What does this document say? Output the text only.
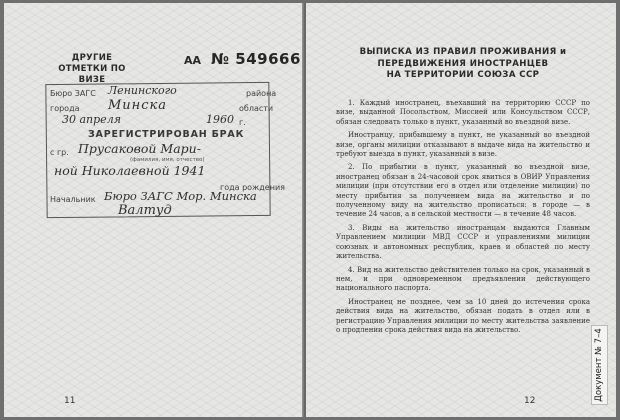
ДРУГИЕ ОТМЕТКИ ПО ВИЗЕ
АА № 549666
Бюро ЗАГС Ленинского	района
города Минска	области
30 апреля	1960 г.
ЗАРЕГИСТРИРОВАН БРАК
с гр. Прусаковой Мари-
(фамилия, имя, отчество)
ной Николаевной 1941
года рождения
Начальник Бюро ЗАГС Мор. Минска
Валтуд
11
ВЫПИСКА ИЗ ПРАВИЛ ПРОЖИВАНИЯ и
ПЕРЕДВИЖЕНИЯ ИНОСТРАНЦЕВ
НА ТЕРРИТОРИИ СОЮЗА ССР

1. Каждый иностранец, въехавший на территорию СССР по визе, выданной Посольством, Миссией или Консульством СССР, обязан следовать только в пункт, указанный во въездной визе.

Иностранцу, прибывшему в пункт, не указанный во въездной визе, органы милиции отказывают в выдаче вида на жительство и требуют выезда в пункт, указанный в визе.

2. По прибытии в пункт, указанный во въездной визе, иностранец обязан в 24-часовой срок явиться в ОВИР Управления милиции (при отсутствии его в отдел или отделение милиции) по месту прибытия за получением вида на жительство и по полученному виду на жительство прописаться: в городе — в течение 24 часов, а в сельской местности — в течение 48 часов.

3. Виды на жительство иностранцам выдаются Главным Управлением милиции МВД СССР и управлениями милиции союзных и автономных республик, краев и областей по месту жительства.

4. Вид на жительство действителен только на срок, указанный в нем, и при одновременном предъявлении действующего национального паспорта.

Иностранец не позднее, чем за 10 дней до истечения срока действия вида на жительство, обязан подать в отдел или в регистрацию Управления милиции по месту жительства заявление о продлении срока действия вида на жительство.

12	Документ № 7–4
